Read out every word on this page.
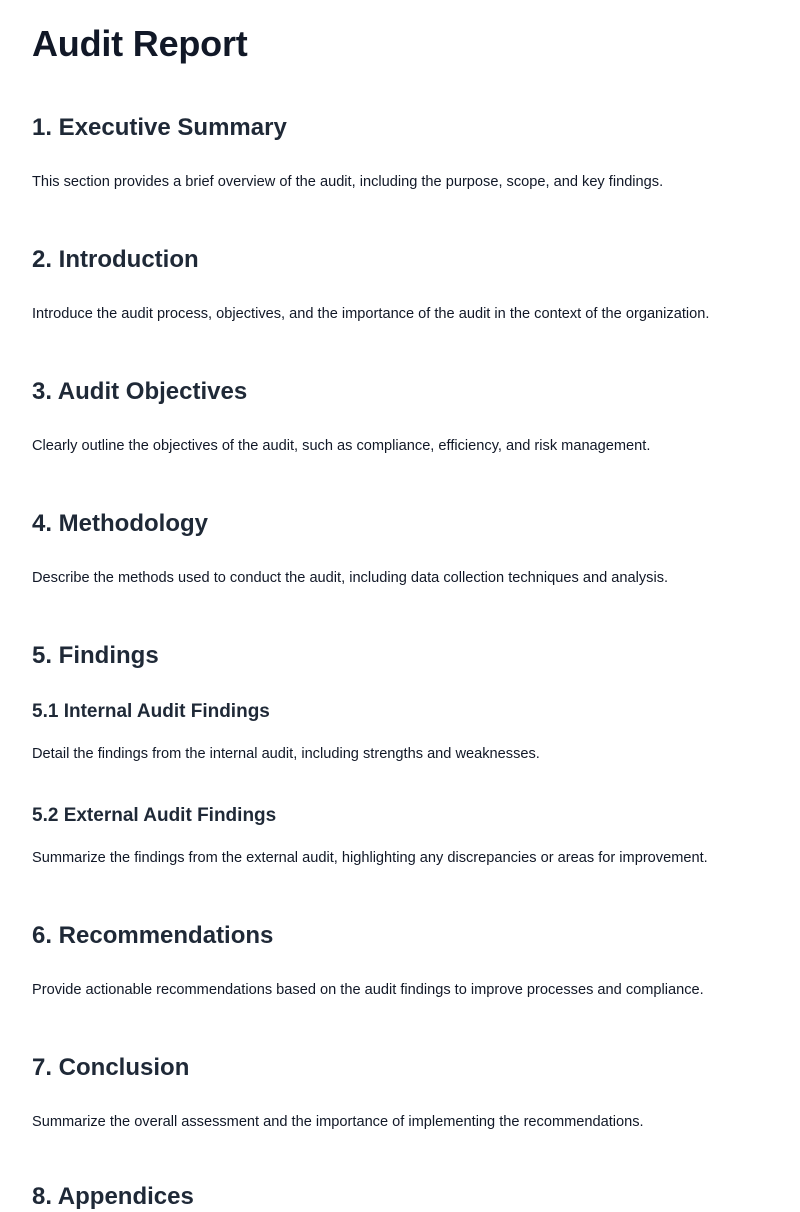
Audit Report
1. Executive Summary

This section provides a brief overview of the audit, including the purpose, scope, and key findings.

2. Introduction

Introduce the audit process, objectives, and the importance of the audit in the context of the organization.

3. Audit Objectives

Clearly outline the objectives of the audit, such as compliance, efficiency, and risk management.

4. Methodology

Describe the methods used to conduct the audit, including data collection techniques and analysis.

5. Findings
5.1 Internal Audit Findings

Detail the findings from the internal audit, including strengths and weaknesses.

5.2 External Audit Findings

Summarize the findings from the external audit, highlighting any discrepancies or areas for improvement.

6. Recommendations

Provide actionable recommendations based on the audit findings to improve processes and compliance.

7. Conclusion

Summarize the overall assessment and the importance of implementing the recommendations.

8. Appendices
